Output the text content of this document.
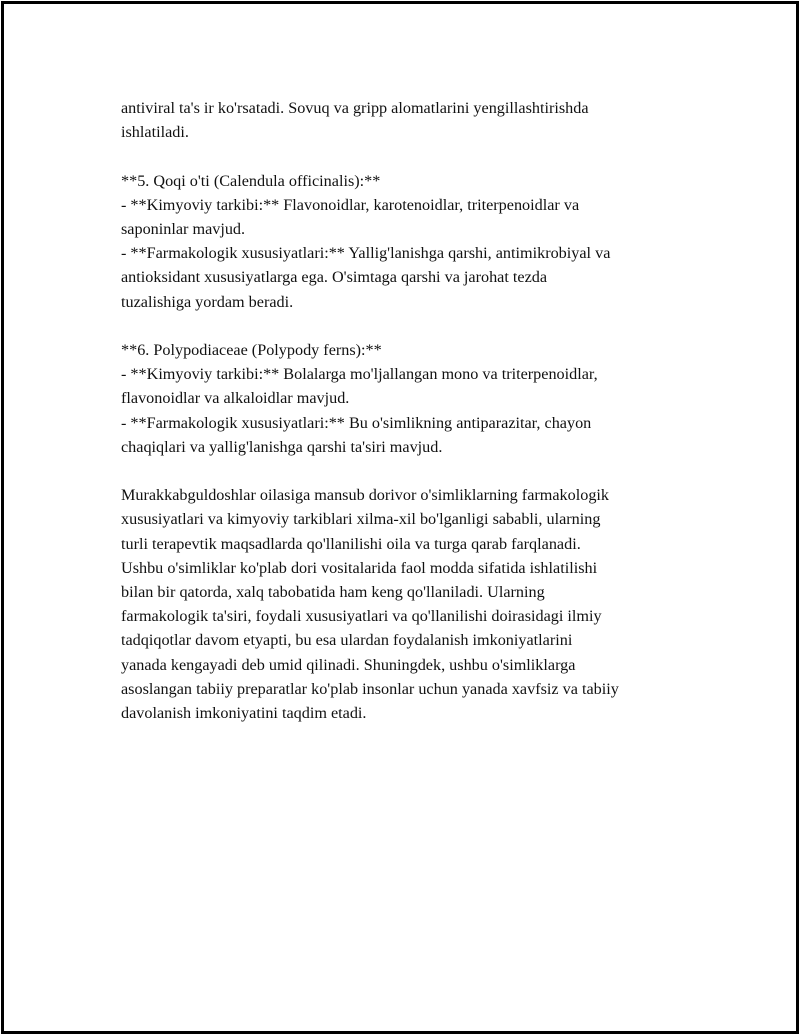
antiviral ta's ir ko'rsatadi. Sovuq va gripp alomatlarini yengillashtirishda
ishlatiladi.
**5. Qoqi o'ti (Calendula officinalis):**
- **Kimyoviy tarkibi:** Flavonoidlar, karotenoidlar, triterpenoidlar va
saponinlar mavjud.
- **Farmakologik xususiyatlari:** Yallig'lanishga qarshi, antimikrobiyal va
antioksidant xususiyatlarga ega. O'simtaga qarshi va jarohat tezda
tuzalishiga yordam beradi.
**6. Polypodiaceae (Polypody ferns):**
- **Kimyoviy tarkibi:** Bolalarga mo'ljallangan mono va triterpenoidlar,
flavonoidlar va alkaloidlar mavjud.
- **Farmakologik xususiyatlari:** Bu o'simlikning antiparazitar, chayon
chaqiqlari va yallig'lanishga qarshi ta'siri mavjud.
Murakkabguldoshlar oilasiga mansub dorivor o'simliklarning farmakologik
xususiyatlari va kimyoviy tarkiblari xilma-xil bo'lganligi sababli, ularning
turli terapevtik maqsadlarda qo'llanilishi oila va turga qarab farqlanadi.
Ushbu o'simliklar ko'plab dori vositalarida faol modda sifatida ishlatilishi
bilan bir qatorda, xalq tabobatida ham keng qo'llaniladi. Ularning
farmakologik ta'siri, foydali xususiyatlari va qo'llanilishi doirasidagi ilmiy
tadqiqotlar davom etyapti, bu esa ulardan foydalanish imkoniyatlarini
yanada kengayadi deb umid qilinadi. Shuningdek, ushbu o'simliklarga
asoslangan tabiiy preparatlar ko'plab insonlar uchun yanada xavfsiz va tabiiy
davolanish imkoniyatini taqdim etadi.
